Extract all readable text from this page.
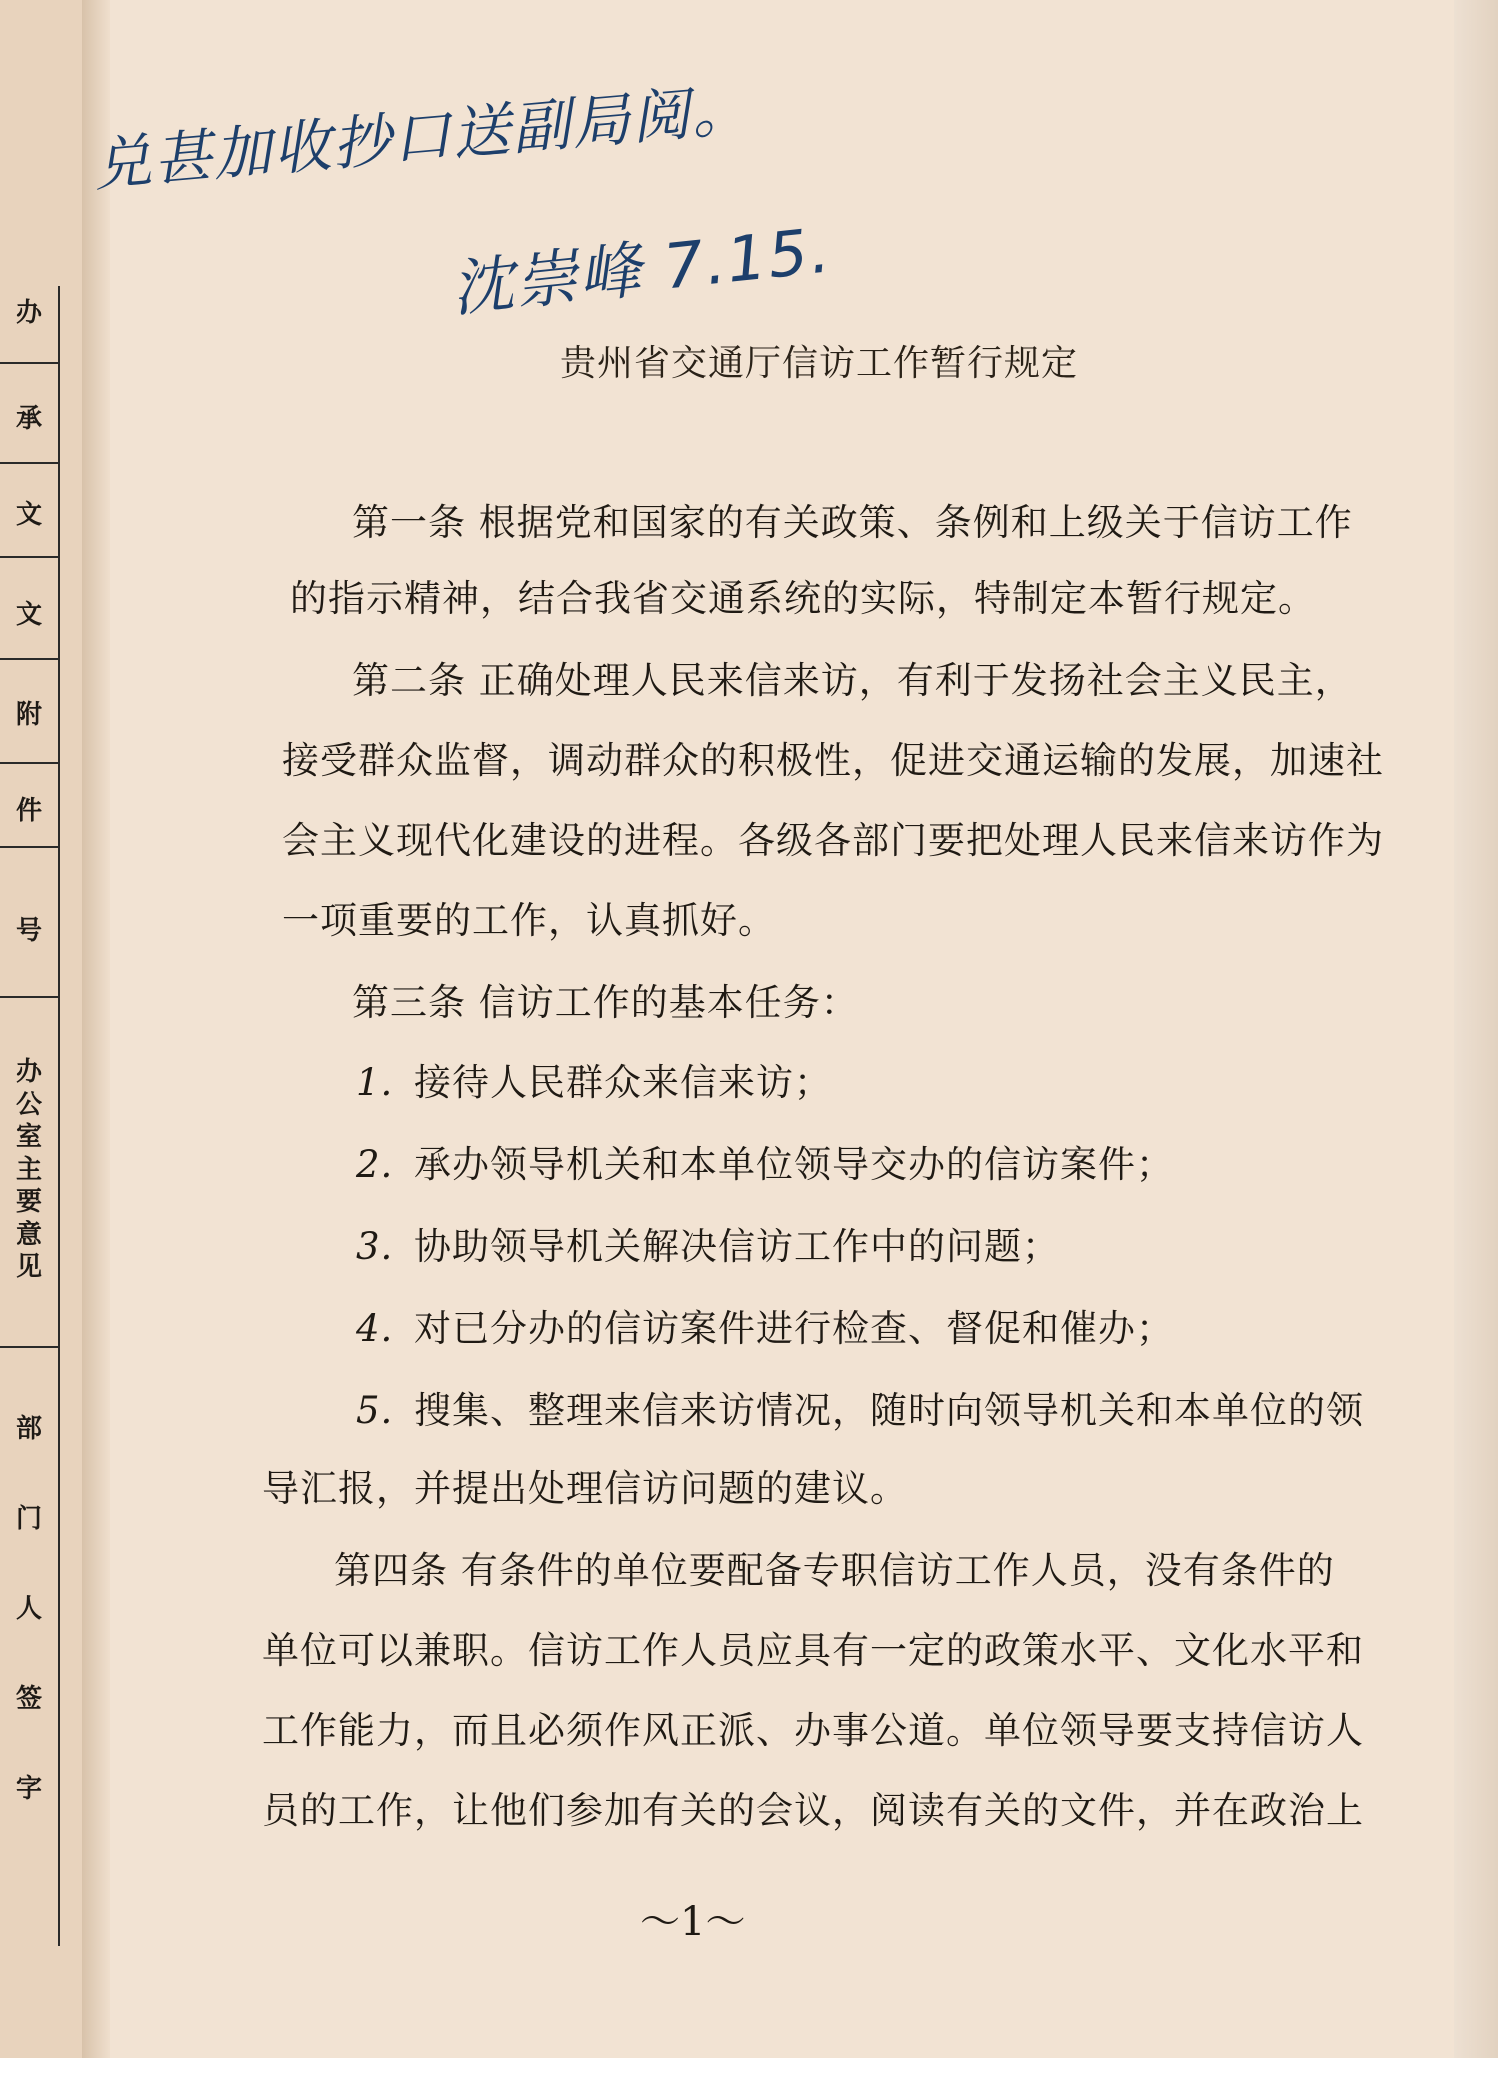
办
承
文
文
附
件
号
办公室主要意见
部
门
人
签
字
兑甚加收抄口送副局阅。
沈崇峰 7.15.
贵州省交通厅信访工作暂行规定
第一条 根据党和国家的有关政策、条例和上级关于信访工作
的指示精神，结合我省交通系统的实际，特制定本暂行规定。
第二条 正确处理人民来信来访，有利于发扬社会主义民主，
接受群众监督，调动群众的积极性，促进交通运输的发展，加速社
会主义现代化建设的进程。各级各部门要把处理人民来信来访作为
一项重要的工作，认真抓好。
第三条 信访工作的基本任务：
1. 接待人民群众来信来访；
2. 承办领导机关和本单位领导交办的信访案件；
3. 协助领导机关解决信访工作中的问题；
4. 对已分办的信访案件进行检查、督促和催办；
5. 搜集、整理来信来访情况，随时向领导机关和本单位的领
导汇报，并提出处理信访问题的建议。
第四条 有条件的单位要配备专职信访工作人员，没有条件的
单位可以兼职。信访工作人员应具有一定的政策水平、文化水平和
工作能力，而且必须作风正派、办事公道。单位领导要支持信访人
员的工作，让他们参加有关的会议，阅读有关的文件，并在政治上
～1～
